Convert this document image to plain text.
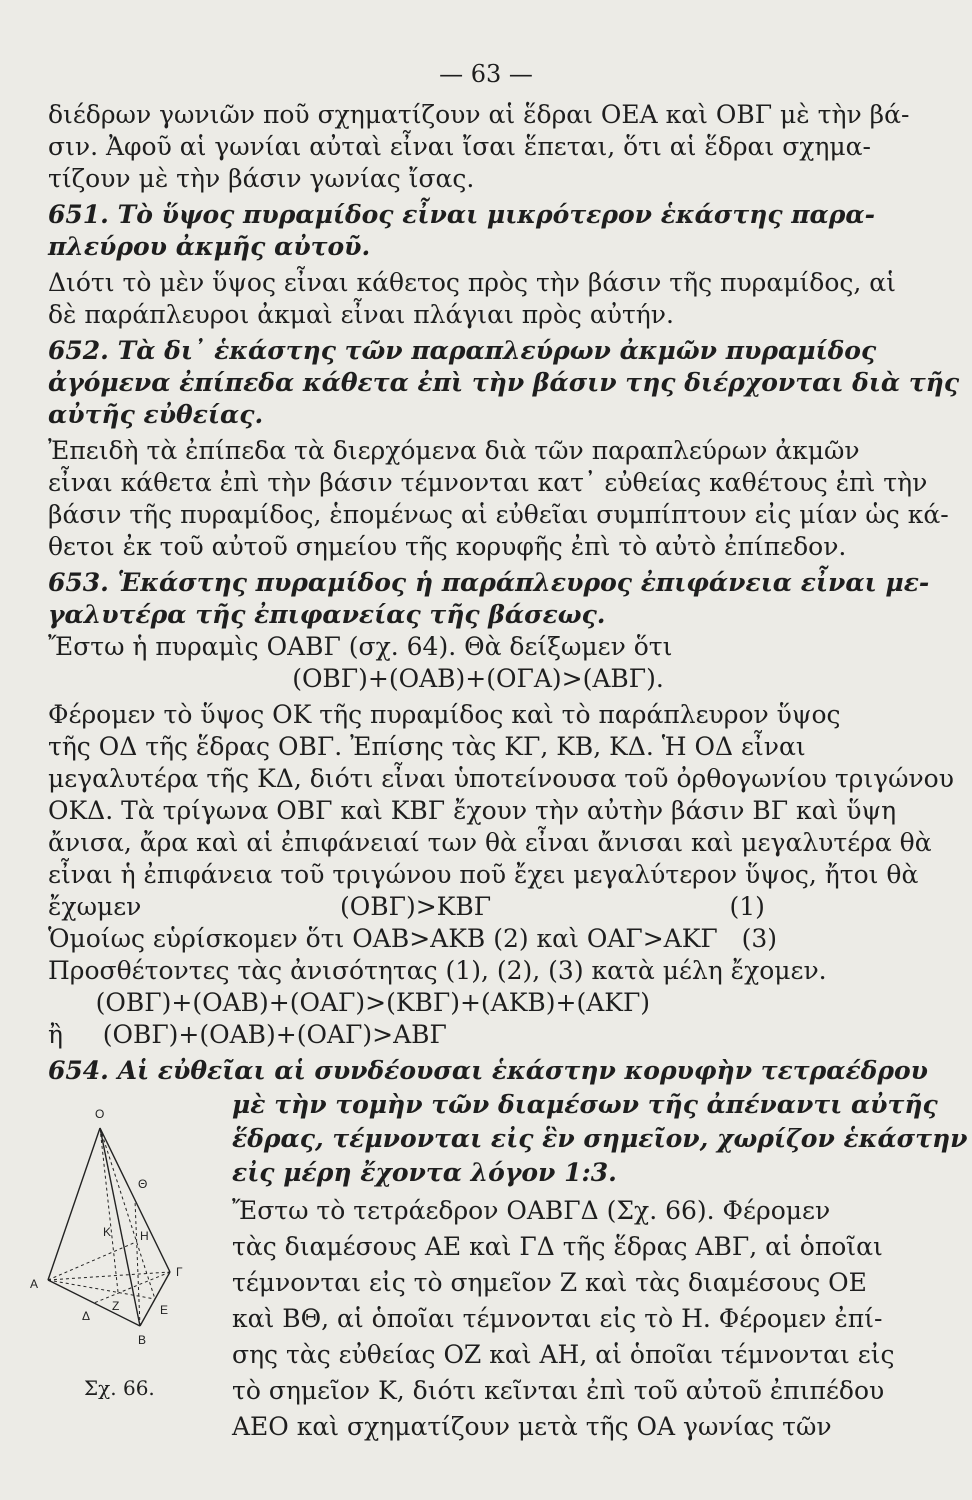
— 63 —
διέδρων γωνιῶν ποῦ σχηματίζουν αἱ ἕδραι ΟΕΑ καὶ ΟΒΓ μὲ τὴν βά-
σιν. Ἀφοῦ αἱ γωνίαι αὐταὶ εἶναι ἴσαι ἕπεται, ὅτι αἱ ἕδραι σχημα-
τίζουν μὲ τὴν βάσιν γωνίας ἴσας.
651. Τὸ ὕψος πυραμίδος εἶναι μικρότερον ἑκάστης παρα-
πλεύρου ἀκμῆς αὐτοῦ.
Διότι τὸ μὲν ὕψος εἶναι κάθετος πρὸς τὴν βάσιν τῆς πυραμίδος, αἱ
δὲ παράπλευροι ἀκμαὶ εἶναι πλάγιαι πρὸς αὐτήν.
652. Τὰ δι᾽ ἑκάστης τῶν παραπλεύρων ἀκμῶν πυραμίδος
ἀγόμενα ἐπίπεδα κάθετα ἐπὶ τὴν βάσιν της διέρχονται διὰ τῆς
αὐτῆς εὐθείας.
Ἐπειδὴ τὰ ἐπίπεδα τὰ διερχόμενα διὰ τῶν παραπλεύρων ἀκμῶν
εἶναι κάθετα ἐπὶ τὴν βάσιν τέμνονται κατ᾽ εὐθείας καθέτους ἐπὶ τὴν
βάσιν τῆς πυραμίδος, ἑπομένως αἱ εὐθεῖαι συμπίπτουν εἰς μίαν ὡς κά-
θετοι ἐκ τοῦ αὐτοῦ σημείου τῆς κορυφῆς ἐπὶ τὸ αὐτὸ ἐπίπεδον.
653. Ἑκάστης πυραμίδος ἡ παράπλευρος ἐπιφάνεια εἶναι με-
γαλυτέρα τῆς ἐπιφανείας τῆς βάσεως.
Ἔστω ἡ πυραμὶς ΟΑΒΓ (σχ. 64). Θὰ δείξωμεν ὅτι
(ΟΒΓ)+(ΟΑΒ)+(ΟΓΑ)>(ΑΒΓ).
Φέρομεν τὸ ὕψος ΟΚ τῆς πυραμίδος καὶ τὸ παράπλευρον ὕψος
τῆς ΟΔ τῆς ἕδρας ΟΒΓ. Ἐπίσης τὰς ΚΓ, ΚΒ, ΚΔ. Ἡ ΟΔ εἶναι
μεγαλυτέρα τῆς ΚΔ, διότι εἶναι ὑποτείνουσα τοῦ ὀρθογωνίου τριγώνου
ΟΚΔ. Τὰ τρίγωνα ΟΒΓ καὶ ΚΒΓ ἔχουν τὴν αὐτὴν βάσιν ΒΓ καὶ ὕψη
ἄνισα, ἄρα καὶ αἱ ἐπιφάνειαί των θὰ εἶναι ἄνισαι καὶ μεγαλυτέρα θὰ
εἶναι ἡ ἐπιφάνεια τοῦ τριγώνου ποῦ ἔχει μεγαλύτερον ὕψος, ἤτοι θὰ
ἔχωμεν                         (ΟΒΓ)>ΚΒΓ                              (1)
Ὁμοίως εὑρίσκομεν ὅτι ΟΑΒ>ΑΚΒ (2) καὶ ΟΑΓ>ΑΚΓ   (3)
Προσθέτοντες τὰς ἀνισότητας (1), (2), (3) κατὰ μέλη ἔχομεν.
(ΟΒΓ)+(ΟΑΒ)+(ΟΑΓ)>(ΚΒΓ)+(ΑΚΒ)+(ΑΚΓ)
ἢ     (ΟΒΓ)+(ΟΑΒ)+(ΟΑΓ)>ΑΒΓ
654. Αἱ εὐθεῖαι αἱ συνδέουσαι ἑκάστην κορυφὴν τετραέδρου
μὲ τὴν τομὴν τῶν διαμέσων τῆς ἀπέναντι αὐτῆς
ἕδρας, τέμνονται εἰς ἓν σημεῖον, χωρίζον ἑκάστην
εἰς μέρη ἔχοντα λόγον 1:3.
Ἔστω τὸ τετράεδρον ΟΑΒΓΔ (Σχ. 66). Φέρομεν
τὰς διαμέσους ΑΕ καὶ ΓΔ τῆς ἕδρας ΑΒΓ, αἱ ὁποῖαι
τέμνονται εἰς τὸ σημεῖον Ζ καὶ τὰς διαμέσους ΟΕ
καὶ ΒΘ, αἱ ὁποῖαι τέμνονται εἰς τὸ Η. Φέρομεν ἐπί-
σης τὰς εὐθείας ΟΖ καὶ ΑΗ, αἱ ὁποῖαι τέμνονται εἰς
τὸ σημεῖον Κ, διότι κεῖνται ἐπὶ τοῦ αὐτοῦ ἐπιπέδου
ΑΕΟ καὶ σχηματίζουν μετὰ τῆς ΟΑ γωνίας τῶν
Ο
Θ
Κ Η
Α
Ζ
Γ
Ε
Δ
Β
Σχ. 66.
